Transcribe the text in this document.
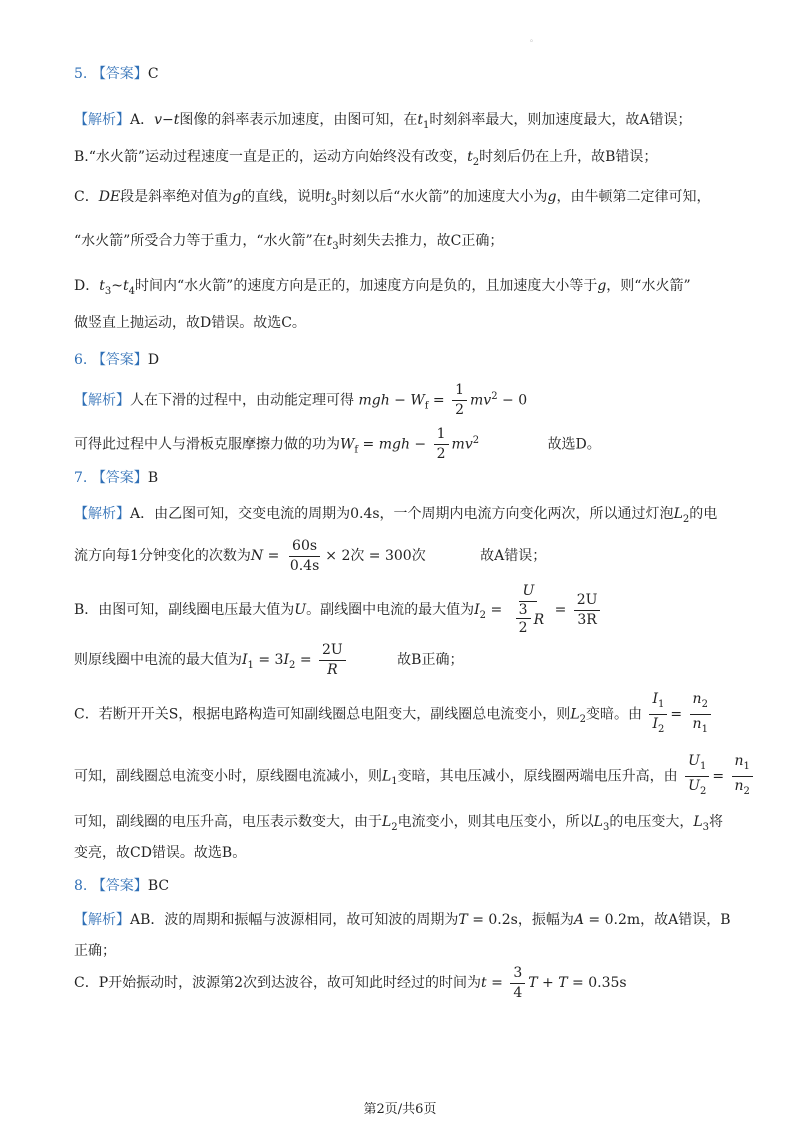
。
5. 【答案】C
【解析】A．v−t图像的斜率表示加速度，由图可知，在$t_1$时刻斜率最大，则加速度最大，故A错误；
B.“水火箭”运动过程速度一直是正的，运动方向始终没有改变，$t_2$时刻后仍在上升，故B错误；
C．DE段是斜率绝对值为g的直线，说明$t_3$时刻以后“水火箭”的加速度大小为g，由牛顿第二定律可知，
“水火箭”所受合力等于重力，“水火箭”在$t_3$时刻失去推力，故C正确；
D．$t_3\sim t_4$时间内“水火箭”的速度方向是正的，加速度方向是负的，且加速度大小等于g，则“水火箭”
做竖直上抛运动，故D错误。故选C。
6. 【答案】D
【解析】人在下滑的过程中，由动能定理可得 mgh − $W_f = \frac{1}{2} mv^2 - 0$
可得此过程中人与滑板克服摩擦力做的功为$W_f$ = mgh − $\frac{1}{2} mv^2$	故选D。
7. 【答案】B
【解析】A．由乙图可知，交变电流的周期为0.4s，一个周期内电流方向变化两次，所以通过灯泡$L_2$的电
流方向每1分钟变化的次数为$N = \frac{60s}{0.4s} \times 2$次 = 300次	故A错误；
B．由图可知，副线圈电压最大值为U。副线圈中电流的最大值为$I_2 = \frac{U}{\frac{3}{2} R} = \frac{2U}{3R}$
则原线圈中电流的最大值为$I_1 = 3I_2 = \frac{2U}{R}$	故B正确；
C．若断开开关S，根据电路构造可知副线圈总电阻变大，副线圈总电流变小，则$L_2$变暗。由 $\frac{I_1}{I_2} = \frac{n_2}{n_1}$
可知，副线圈总电流变小时，原线圈电流减小，则$L_1$变暗，其电压减小，原线圈两端电压升高，由 $\frac{U_1}{U_2} = \frac{n_1}{n_2}$
可知，副线圈的电压升高，电压表示数变大，由于$L_2$电流变小，则其电压变小，所以$L_3$的电压变大，$L_3$将
变亮，故CD错误。故选B。
8. 【答案】BC
【解析】AB．波的周期和振幅与波源相同，故可知波的周期为T = 0.2s，振幅为A = 0.2m，故A错误，B
正确；
C．P开始振动时，波源第2次到达波谷，故可知此时经过的时间为$t = \frac{3}{4}$ T + T = 0.35s
第2页/共6页
